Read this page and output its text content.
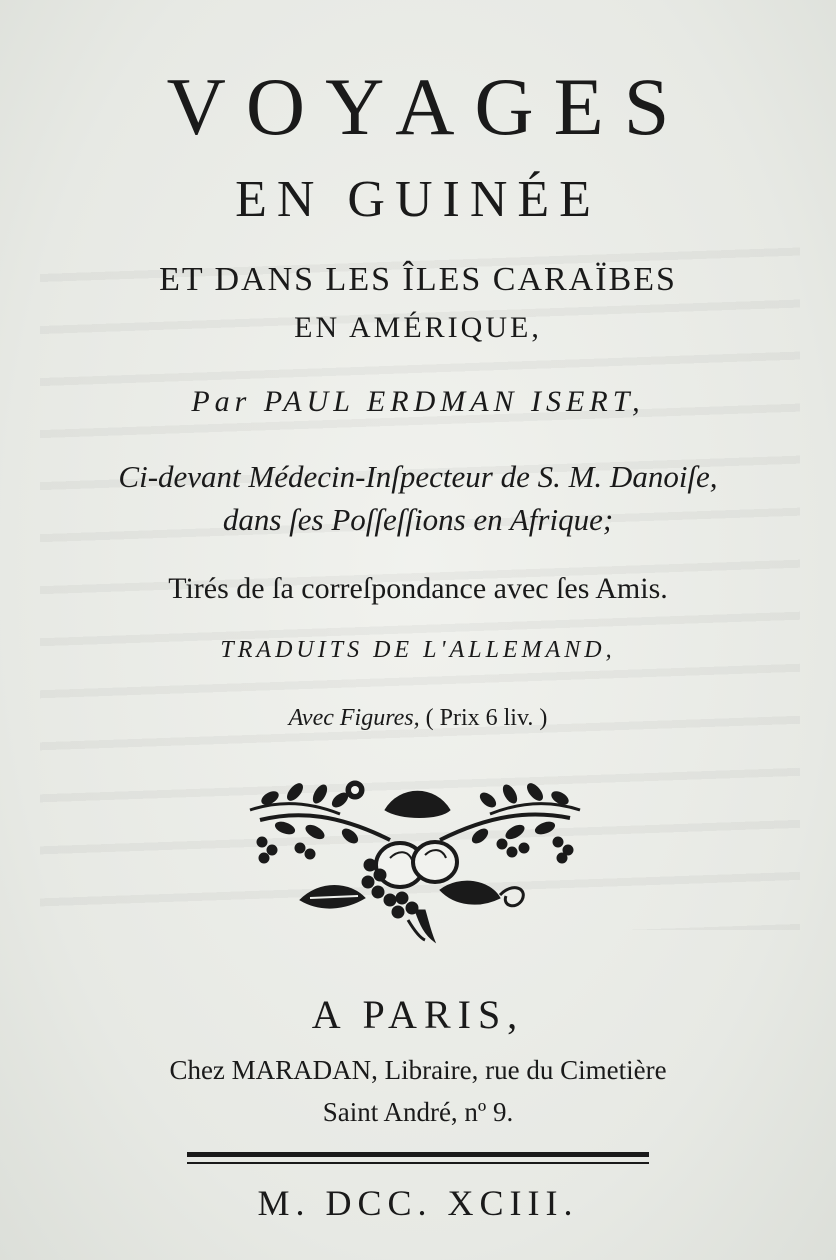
VOYAGES
EN GUINÉE
ET DANS LES ÎLES CARAÏBES
EN AMÉRIQUE,
Par PAUL ERDMAN ISERT,
Ci-devant Médecin-Inſpecteur de S. M. Danoiſe,
dans ſes Poſſeſſions en Afrique;
Tirés de ſa correſpondance avec ſes Amis.
TRADUITS DE L'ALLEMAND,
Avec Figures, ( Prix 6 liv. )
A PARIS,
Chez MARADAN, Libraire, rue du Cimetière
Saint André, nº 9.
M. DCC. XCIII.
